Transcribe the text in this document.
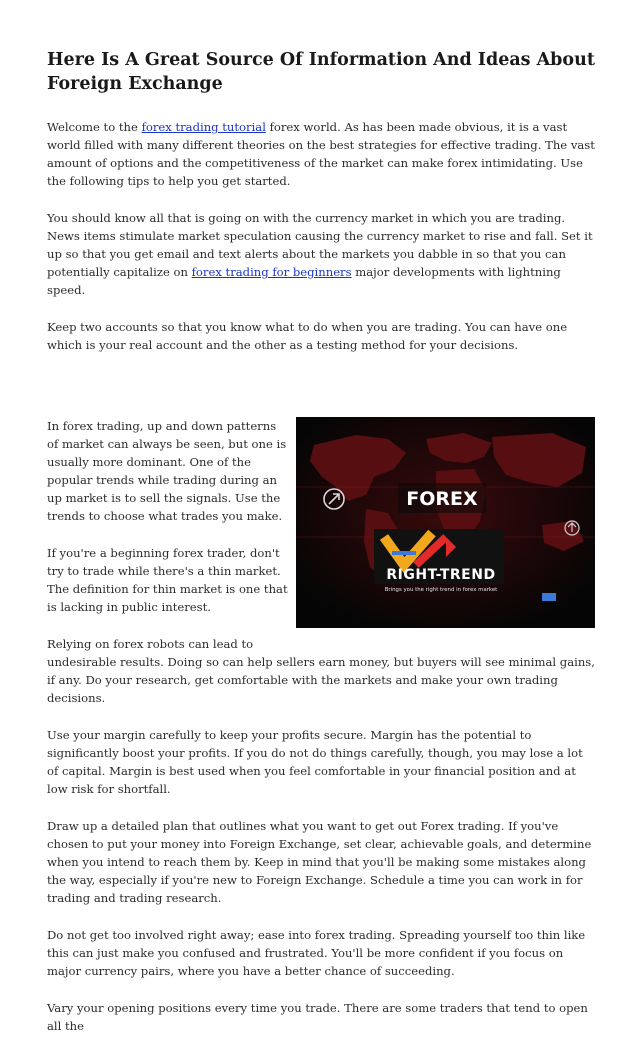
Here Is A Great Source Of Information And Ideas About Foreign Exchange

Welcome to the forex trading tutorial forex world. As has been made obvious, it is a vast world filled with many different theories on the best strategies for effective trading. The vast amount of options and the competitiveness of the market can make forex intimidating. Use the following tips to help you get started.

You should know all that is going on with the currency market in which you are trading. News items stimulate market speculation causing the currency market to rise and fall. Set it up so that you get email and text alerts about the markets you dabble in so that you can potentially capitalize on forex trading for beginners major developments with lightning speed.

Keep two accounts so that you know what to do when you are trading. You can have one which is your real account and the other as a testing method for your decisions.

FOREX
RIGHT-TREND
Brings you the right trend in forex market

In forex trading, up and down patterns of market can always be seen, but one is usually more dominant. One of the popular trends while trading during an up market is to sell the signals. Use the trends to choose what trades you make.

If you're a beginning forex trader, don't try to trade while there's a thin market. The definition for thin market is one that is lacking in public interest.

Relying on forex robots can lead to undesirable results. Doing so can help sellers earn money, but buyers will see minimal gains, if any. Do your research, get comfortable with the markets and make your own trading decisions.

Use your margin carefully to keep your profits secure. Margin has the potential to significantly boost your profits. If you do not do things carefully, though, you may lose a lot of capital. Margin is best used when you feel comfortable in your financial position and at low risk for shortfall.

Draw up a detailed plan that outlines what you want to get out Forex trading. If you've chosen to put your money into Foreign Exchange, set clear, achievable goals, and determine when you intend to reach them by. Keep in mind that you'll be making some mistakes along the way, especially if you're new to Foreign Exchange. Schedule a time you can work in for trading and trading research.

Do not get too involved right away; ease into forex trading. Spreading yourself too thin like this can just make you confused and frustrated. You'll be more confident if you focus on major currency pairs, where you have a better chance of succeeding.

Vary your opening positions every time you trade. There are some traders that tend to open all the
